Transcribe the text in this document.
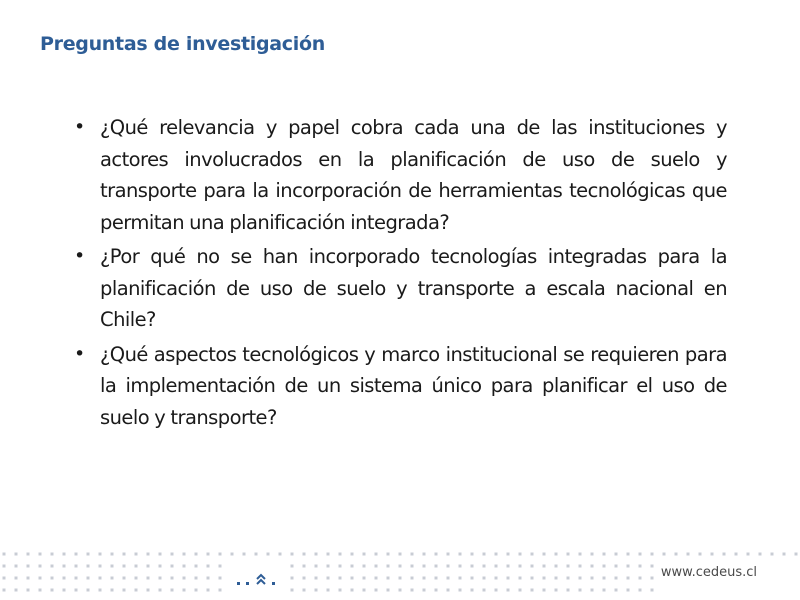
Preguntas de investigación
• ¿Qué relevancia y papel cobra cada una de las instituciones y actores involucrados en la planificación de uso de suelo y transporte para la incorporación de herramientas tecnológicas que permitan una planificación integrada?
• ¿Por qué no se han incorporado tecnologías integradas para la planificación de uso de suelo y transporte a escala nacional en Chile?
• ¿Qué aspectos tecnológicos y marco institucional se requieren para la implementación de un sistema único para planificar el uso de suelo y transporte?
www.cedeus.cl
